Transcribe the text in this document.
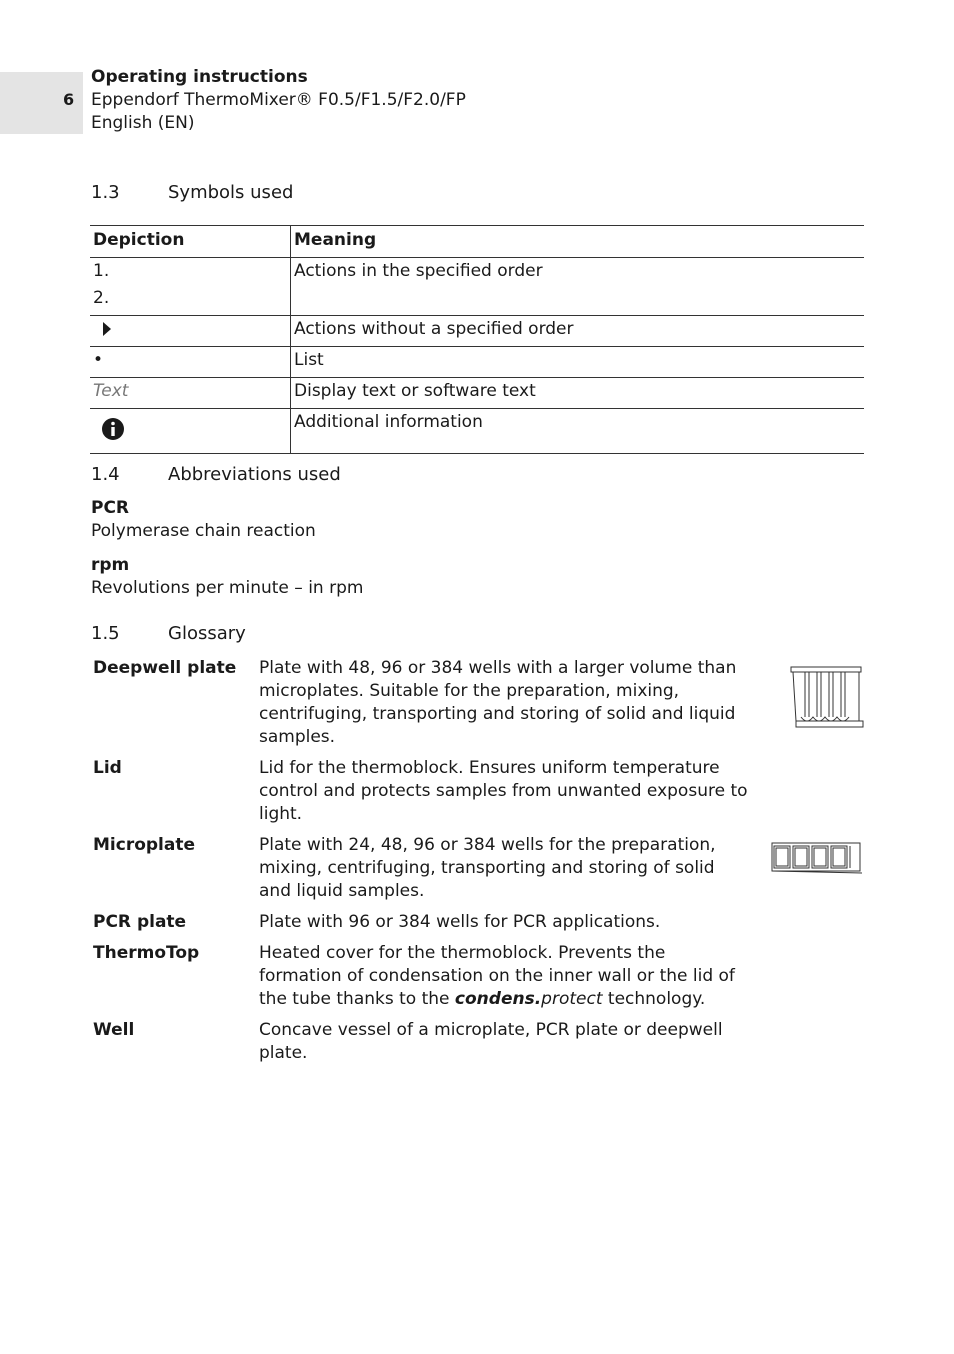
6
Operating instructions
Eppendorf ThermoMixer® F0.5/F1.5/F2.0/FP
English (EN)
1.3	Symbols used
Depiction	Meaning

1.
2.	Actions in the specified order
	Actions without a specified order
•	List
Text	Display text or software text
	Additional information
1.4	Abbreviations used
PCR
Polymerase chain reaction
rpm
Revolutions per minute – in rpm
1.5	Glossary
Deepwell plate	Plate with 48, 96 or 384 wells with a larger volume than microplates. Suitable for the preparation, mixing, centrifuging, transporting and storing of solid and liquid samples.
Lid	Lid for the thermoblock. Ensures uniform temperature control and protects samples from unwanted exposure to light.
Microplate	Plate with 24, 48, 96 or 384 wells for the preparation, mixing, centrifuging, transporting and storing of solid and liquid samples.
PCR plate	Plate with 96 or 384 wells for PCR applications.
ThermoTop	Heated cover for the thermoblock. Prevents the formation of condensation on the inner wall or the lid of the tube thanks to the condens.protect technology.
Well	Concave vessel of a microplate, PCR plate or deepwell plate.
